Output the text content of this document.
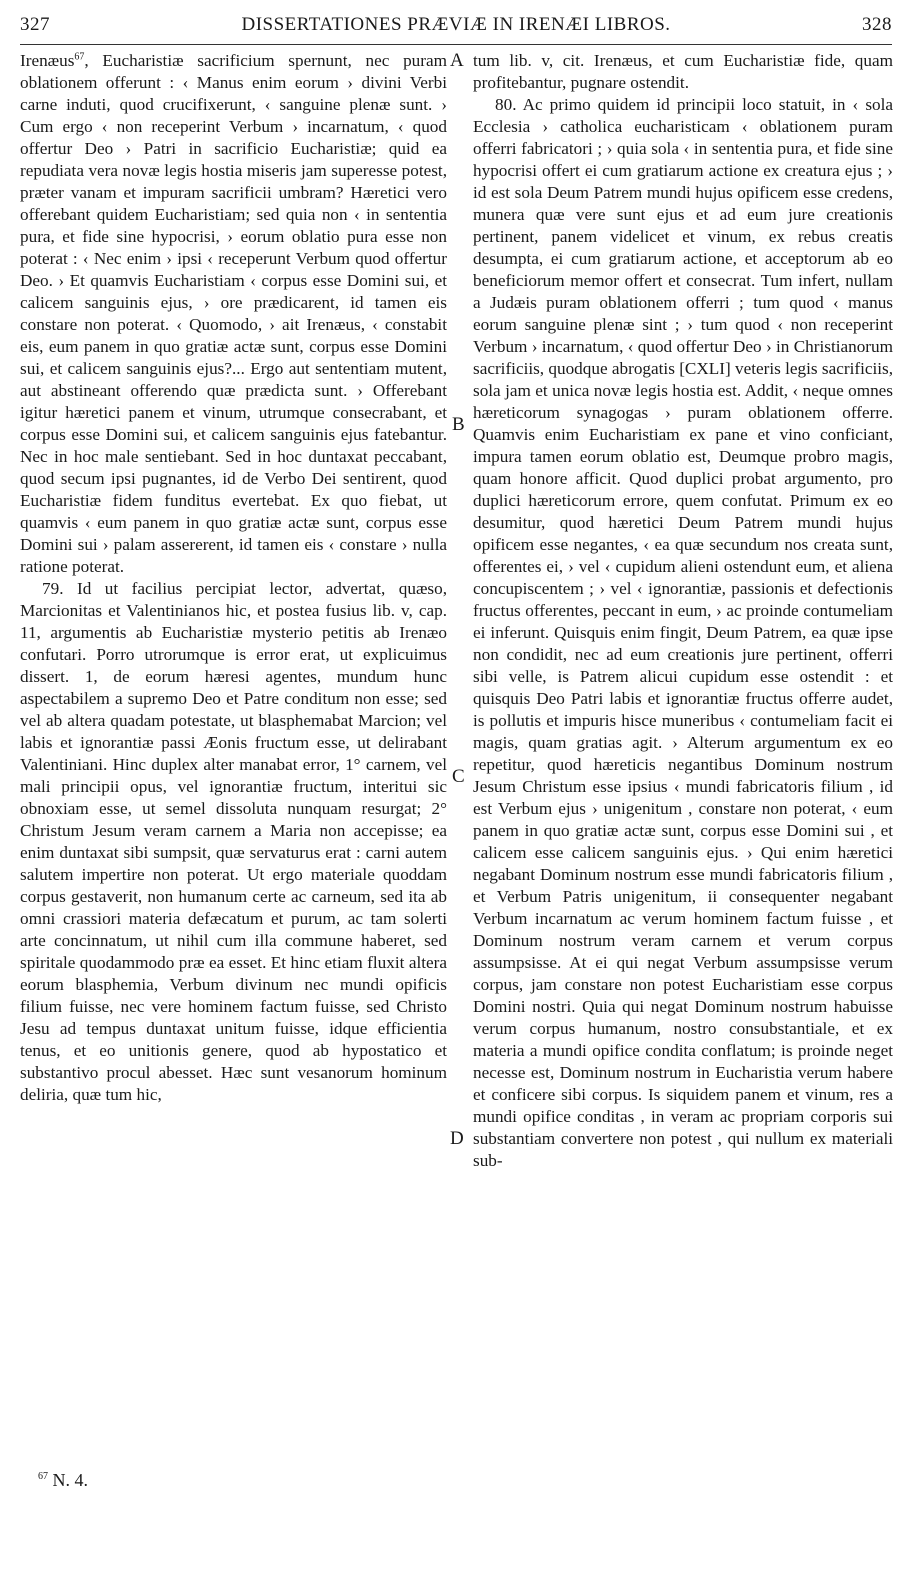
327	DISSERTATIONES PRÆVIÆ IN IRENÆI LIBROS.	328

Irenæus$^{67}$, Eucharistiæ sacrificium spernunt, nec puram oblationem offerunt : ‹ Manus enim eorum › divini Verbi carne induti, quod crucifixerunt, ‹ sanguine plenæ sunt. › Cum ergo ‹ non receperint Verbum › incarnatum, ‹ quod offertur Deo › Patri in sacrificio Eucharistiæ; quid ea repudiata vera novæ legis hostia miseris jam superesse potest, præter vanam et impuram sacrificii umbram? Hæretici vero offerebant quidem Eucharistiam; sed quia non ‹ in sententia pura, et fide sine hypocrisi, › eorum oblatio pura esse non poterat : ‹ Nec enim › ipsi ‹ receperunt Verbum quod offertur Deo. › Et quamvis Eucharistiam ‹ corpus esse Domini sui, et calicem sanguinis ejus, › ore prædicarent, id tamen eis constare non poterat. ‹ Quomodo, › ait Irenæus, ‹ constabit eis, eum panem in quo gratiæ actæ sunt, corpus esse Domini sui, et calicem sanguinis ejus?... Ergo aut sententiam mutent, aut abstineant offerendo quæ prædicta sunt. › Offerebant igitur hæretici panem et vinum, utrumque consecrabant, et corpus esse Domini sui, et calicem sanguinis ejus fatebantur. Nec in hoc male sentiebant. Sed in hoc duntaxat peccabant, quod secum ipsi pugnantes, id de Verbo Dei sentirent, quod Eucharistiæ fidem funditus evertebat. Ex quo fiebat, ut quamvis ‹ eum panem in quo gratiæ actæ sunt, corpus esse Domini sui › palam assererent, id tamen eis ‹ constare › nulla ratione poterat.

79. Id ut facilius percipiat lector, advertat, quæso, Marcionitas et Valentinianos hic, et postea fusius lib. v, cap. 11, argumentis ab Eucharistiæ mysterio petitis ab Irenæo confutari. Porro utrorumque is error erat, ut explicuimus dissert. 1, de eorum hæresi agentes, mundum hunc aspectabilem a supremo Deo et Patre conditum non esse; sed vel ab altera quadam potestate, ut blasphemabat Marcion; vel labis et ignorantiæ passi Æonis fructum esse, ut delirabant Valentiniani. Hinc duplex alter manabat error, 1° carnem, vel mali principii opus, vel ignorantiæ fructum, interitui sic obnoxiam esse, ut semel dissoluta nunquam resurgat; 2° Christum Jesum veram carnem a Maria non accepisse; ea enim duntaxat sibi sumpsit, quæ servaturus erat : carni autem salutem impertire non poterat. Ut ergo materiale quoddam corpus gestaverit, non humanum certe ac carneum, sed ita ab omni crassiori materia defæcatum et purum, ac tam solerti arte concinnatum, ut nihil cum illa commune haberet, sed spiritale quodammodo præ ea esset. Et hinc etiam fluxit altera eorum blasphemia, Verbum divinum nec mundi opificis filium fuisse, nec vere hominem factum fuisse, sed Christo Jesu ad tempus duntaxat unitum fuisse, idque efficientia tenus, et eo unitionis genere, quod ab hypostatico et substantivo procul abesset. Hæc sunt vesanorum hominum deliria, quæ tum hic,

A
B
C
D

tum lib. v, cit. Irenæus, et cum Eucharistiæ fide, quam profitebantur, pugnare ostendit.

80. Ac primo quidem id principii loco statuit, in ‹ sola Ecclesia › catholica eucharisticam ‹ oblationem puram offerri fabricatori ; › quia sola ‹ in sententia pura, et fide sine hypocrisi offert ei cum gratiarum actione ex creatura ejus ; › id est sola Deum Patrem mundi hujus opificem esse credens, munera quæ vere sunt ejus et ad eum jure creationis pertinent, panem videlicet et vinum, ex rebus creatis desumpta, ei cum gratiarum actione, et acceptorum ab eo beneficiorum memor offert et consecrat. Tum infert, nullam a Judæis puram oblationem offerri ; tum quod ‹ manus eorum sanguine plenæ sint ; › tum quod ‹ non receperint Verbum › incarnatum, ‹ quod offertur Deo › in Christianorum sacrificiis, quodque abrogatis [CXLI] veteris legis sacrificiis, sola jam et unica novæ legis hostia est. Addit, ‹ neque omnes hæreticorum synagogas › puram oblationem offerre. Quamvis enim Eucharistiam ex pane et vino conficiant, impura tamen eorum oblatio est, Deumque probro magis, quam honore afficit. Quod duplici probat argumento, pro duplici hæreticorum errore, quem confutat. Primum ex eo desumitur, quod hæretici Deum Patrem mundi hujus opificem esse negantes, ‹ ea quæ secundum nos creata sunt, offerentes ei, › vel ‹ cupidum alieni ostendunt eum, et aliena concupiscentem ; › vel ‹ ignorantiæ, passionis et defectionis fructus offerentes, peccant in eum, › ac proinde contumeliam ei inferunt. Quisquis enim fingit, Deum Patrem, ea quæ ipse non condidit, nec ad eum creationis jure pertinent, offerri sibi velle, is Patrem alicui cupidum esse ostendit : et quisquis Deo Patri labis et ignorantiæ fructus offerre audet, is pollutis et impuris hisce muneribus ‹ contumeliam facit ei magis, quam gratias agit. › Alterum argumentum ex eo repetitur, quod hæreticis negantibus Dominum nostrum Jesum Christum esse ipsius ‹ mundi fabricatoris filium , id est Verbum ejus › unigenitum , constare non poterat, ‹ eum panem in quo gratiæ actæ sunt, corpus esse Domini sui , et calicem esse calicem sanguinis ejus. › Qui enim hæretici negabant Dominum nostrum esse mundi fabricatoris filium , et Verbum Patris unigenitum, ii consequenter negabant Verbum incarnatum ac verum hominem factum fuisse , et Dominum nostrum veram carnem et verum corpus assumpsisse. At ei qui negat Verbum assumpsisse verum corpus, jam constare non potest Eucharistiam esse corpus Domini nostri. Quia qui negat Dominum nostrum habuisse verum corpus humanum, nostro consubstantiale, et ex materia a mundi opifice condita conflatum; is proinde neget necesse est, Dominum nostrum in Eucharistia verum habere et conficere sibi corpus. Is siquidem panem et vinum, res a mundi opifice conditas , in veram ac propriam corporis sui substantiam convertere non potest , qui nullum ex materiali sub-

$^{67}$ N. 4.
